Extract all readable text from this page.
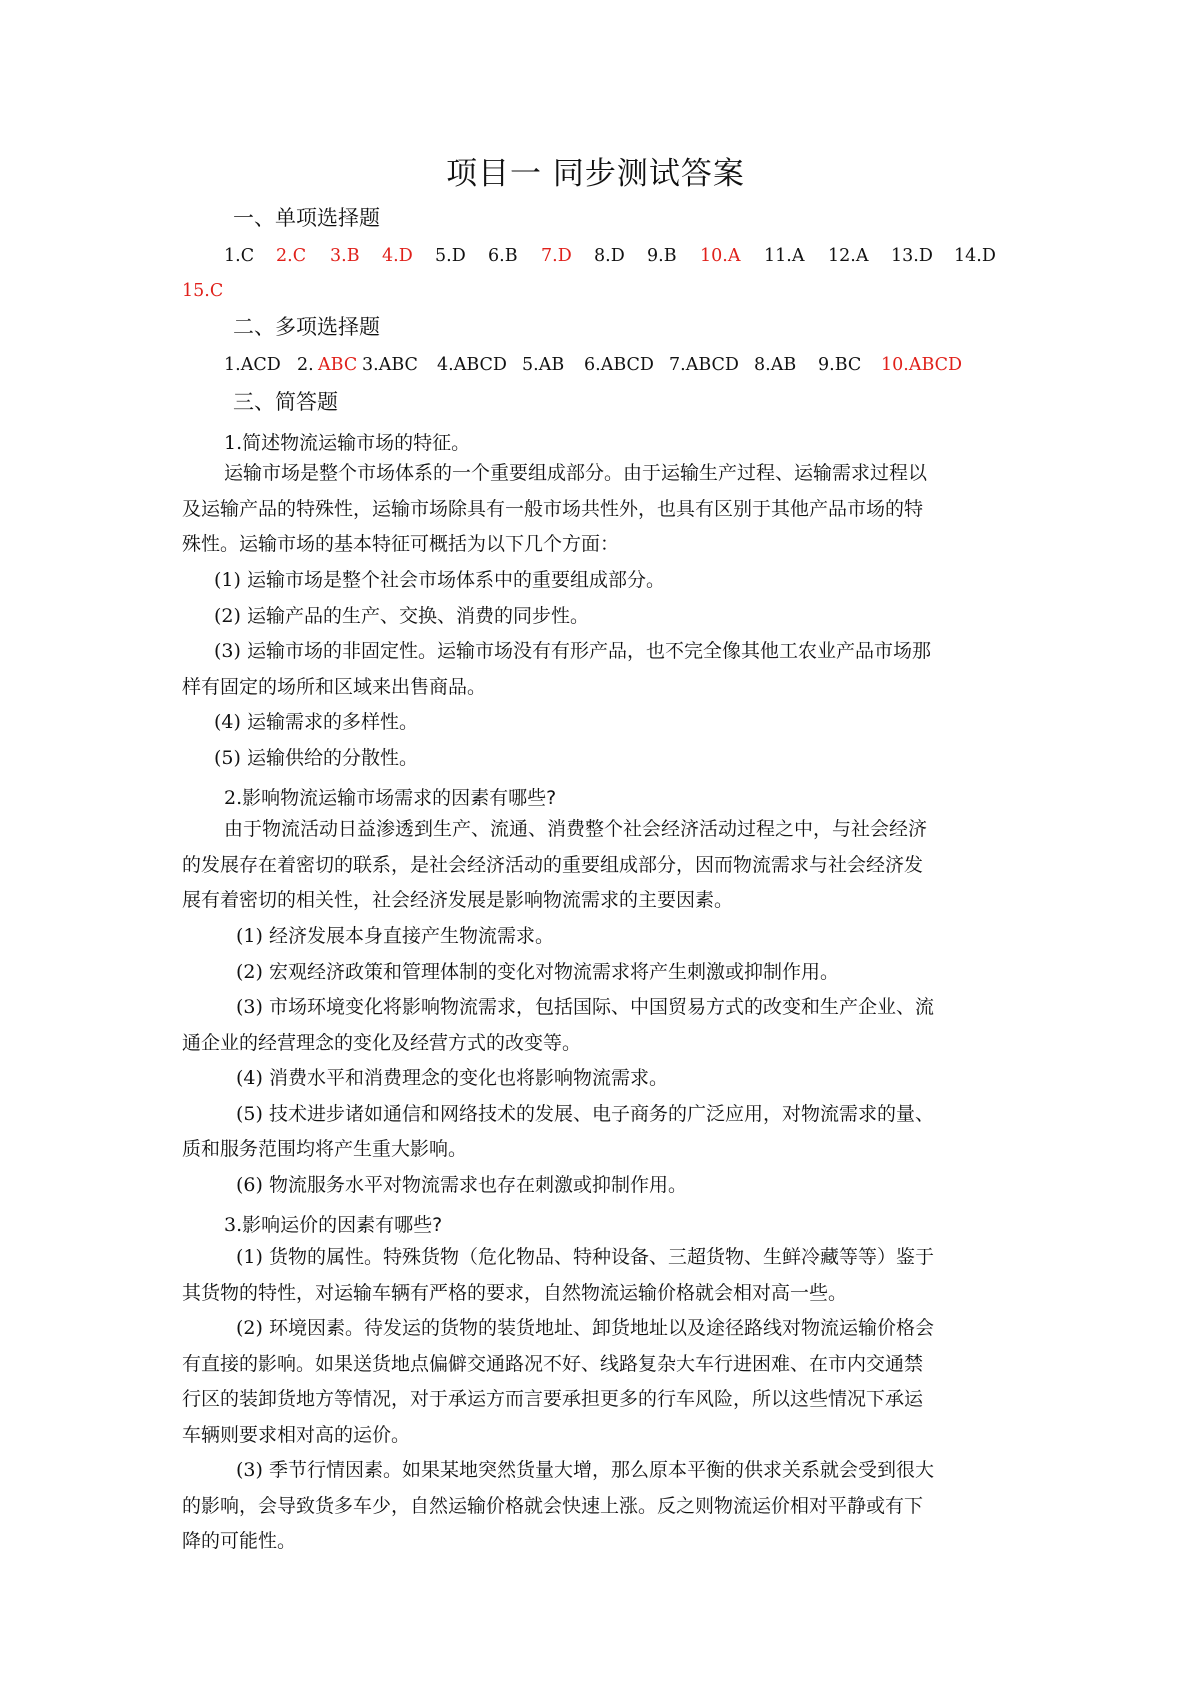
项目一 同步测试答案
一、单项选择题
1.C 2.C 3.B 4.D 5.D 6.B 7.D 8.D 9.B 10.A 11.A 12.A 13.D 14.D
15.C
二、多项选择题
1.ACD 2. ABC 3.ABC 4.ABCD 5.AB 6.ABCD 7.ABCD 8.AB 9.BC 10.ABCD
三、简答题
1.简述物流运输市场的特征。
运输市场是整个市场体系的一个重要组成部分。由于运输生产过程、运输需求过程以
及运输产品的特殊性，运输市场除具有一般市场共性外，也具有区别于其他产品市场的特
殊性。运输市场的基本特征可概括为以下几个方面：
(1) 运输市场是整个社会市场体系中的重要组成部分。
(2) 运输产品的生产、交换、消费的同步性。
(3) 运输市场的非固定性。运输市场没有有形产品，也不完全像其他工农业产品市场那
样有固定的场所和区域来出售商品。
(4) 运输需求的多样性。
(5) 运输供给的分散性。
2.影响物流运输市场需求的因素有哪些?
由于物流活动日益渗透到生产、流通、消费整个社会经济活动过程之中，与社会经济
的发展存在着密切的联系，是社会经济活动的重要组成部分，因而物流需求与社会经济发
展有着密切的相关性，社会经济发展是影响物流需求的主要因素。
(1) 经济发展本身直接产生物流需求。
(2) 宏观经济政策和管理体制的变化对物流需求将产生刺激或抑制作用。
(3) 市场环境变化将影响物流需求，包括国际、中国贸易方式的改变和生产企业、流
通企业的经营理念的变化及经营方式的改变等。
(4) 消费水平和消费理念的变化也将影响物流需求。
(5) 技术进步诸如通信和网络技术的发展、电子商务的广泛应用，对物流需求的量、
质和服务范围均将产生重大影响。
(6) 物流服务水平对物流需求也存在刺激或抑制作用。
3.影响运价的因素有哪些?
(1) 货物的属性。特殊货物（危化物品、特种设备、三超货物、生鲜冷藏等等）鉴于
其货物的特性，对运输车辆有严格的要求，自然物流运输价格就会相对高一些。
(2) 环境因素。待发运的货物的装货地址、卸货地址以及途径路线对物流运输价格会
有直接的影响。如果送货地点偏僻交通路况不好、线路复杂大车行进困难、在市内交通禁
行区的装卸货地方等情况，对于承运方而言要承担更多的行车风险，所以这些情况下承运
车辆则要求相对高的运价。
(3) 季节行情因素。如果某地突然货量大增，那么原本平衡的供求关系就会受到很大
的影响，会导致货多车少，自然运输价格就会快速上涨。反之则物流运价相对平静或有下
降的可能性。
